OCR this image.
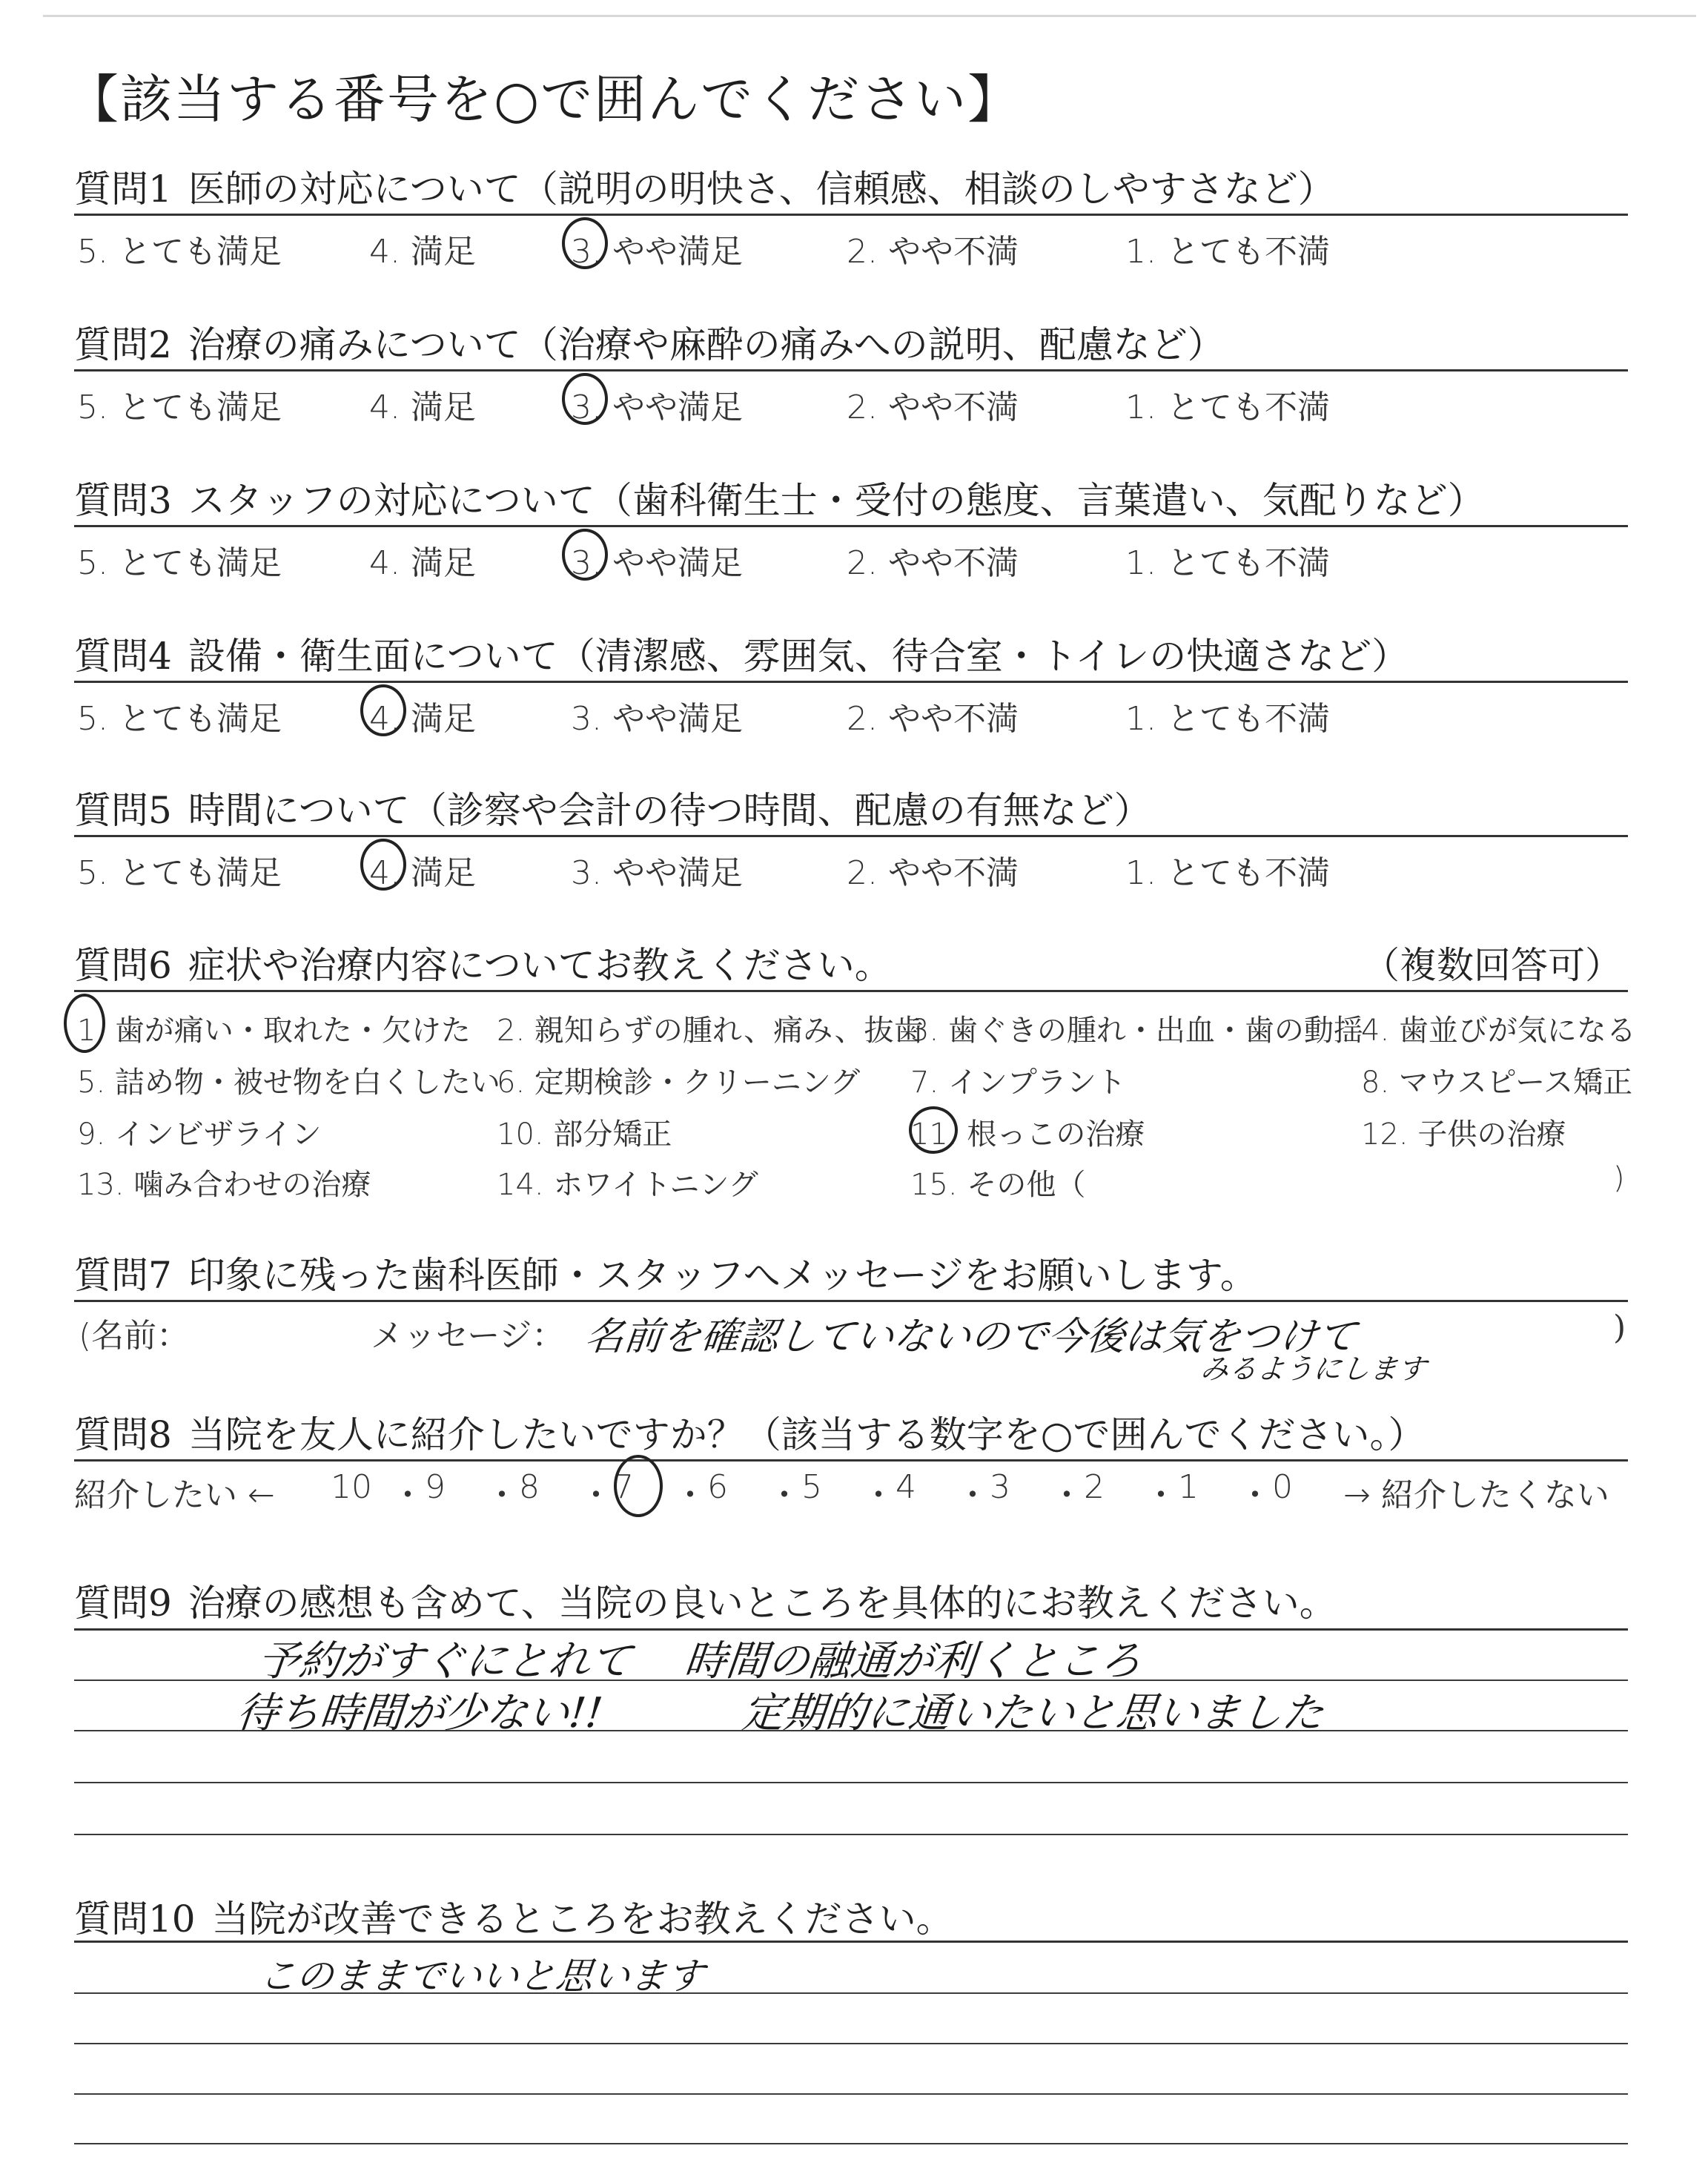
【該当する番号を○で囲んでください】
質問1 医師の対応について（説明の明快さ、信頼感、相談のしやすさなど）
5. とても満足	4. 満足	3. やや満足	2. やや不満	1. とても不満
質問2 治療の痛みについて（治療や麻酔の痛みへの説明、配慮など）
5. とても満足	4. 満足	3. やや満足	2. やや不満	1. とても不満
質問3 スタッフの対応について（歯科衛生士・受付の態度、言葉遣い、気配りなど）
5. とても満足	4. 満足	3. やや満足	2. やや不満	1. とても不満
質問4 設備・衛生面について（清潔感、雰囲気、待合室・トイレの快適さなど）
5. とても満足	4. 満足	3. やや満足	2. やや不満	1. とても不満
質問5 時間について（診察や会計の待つ時間、配慮の有無など）
5. とても満足	4. 満足	3. やや満足	2. やや不満	1. とても不満
質問6 症状や治療内容についてお教えください。	（複数回答可）
1. 歯が痛い・取れた・欠けた 2. 親知らずの腫れ、痛み、抜歯
3. 歯ぐきの腫れ・出血・歯の動揺
4. 歯並びが気になる
5. 詰め物・被せ物を白くしたい
6. 定期検診・クリーニング 7. インプラント	8. マウスピース矯正
9. インビザライン	10. 部分矯正	11. 根っこの治療	12. 子供の治療
13. 噛み合わせの治療	14. ホワイトニング	15. その他（	)
質問7 印象に残った歯科医師・スタッフへメッセージをお願いします。
(名前：	メッセージ： 名前を確認していないので今後は気をつけて
みるようにします
)
質問8 当院を友人に紹介したいですか？（該当する数字を○で囲んでください。）
紹介したい ← 10 ・ 9 ・ 8 ・ 7 ・ 6 ・ 5 ・ 4 ・ 3 ・ 2 ・ 1 ・ 0 → 紹介したくない
質問9 治療の感想も含めて、当院の良いところを具体的にお教えください。
予約がすぐにとれて 時間の融通が利くところ
待ち時間が少ない!!	定期的に通いたいと思いました
質問10 当院が改善できるところをお教えください。
このままでいいと思います
